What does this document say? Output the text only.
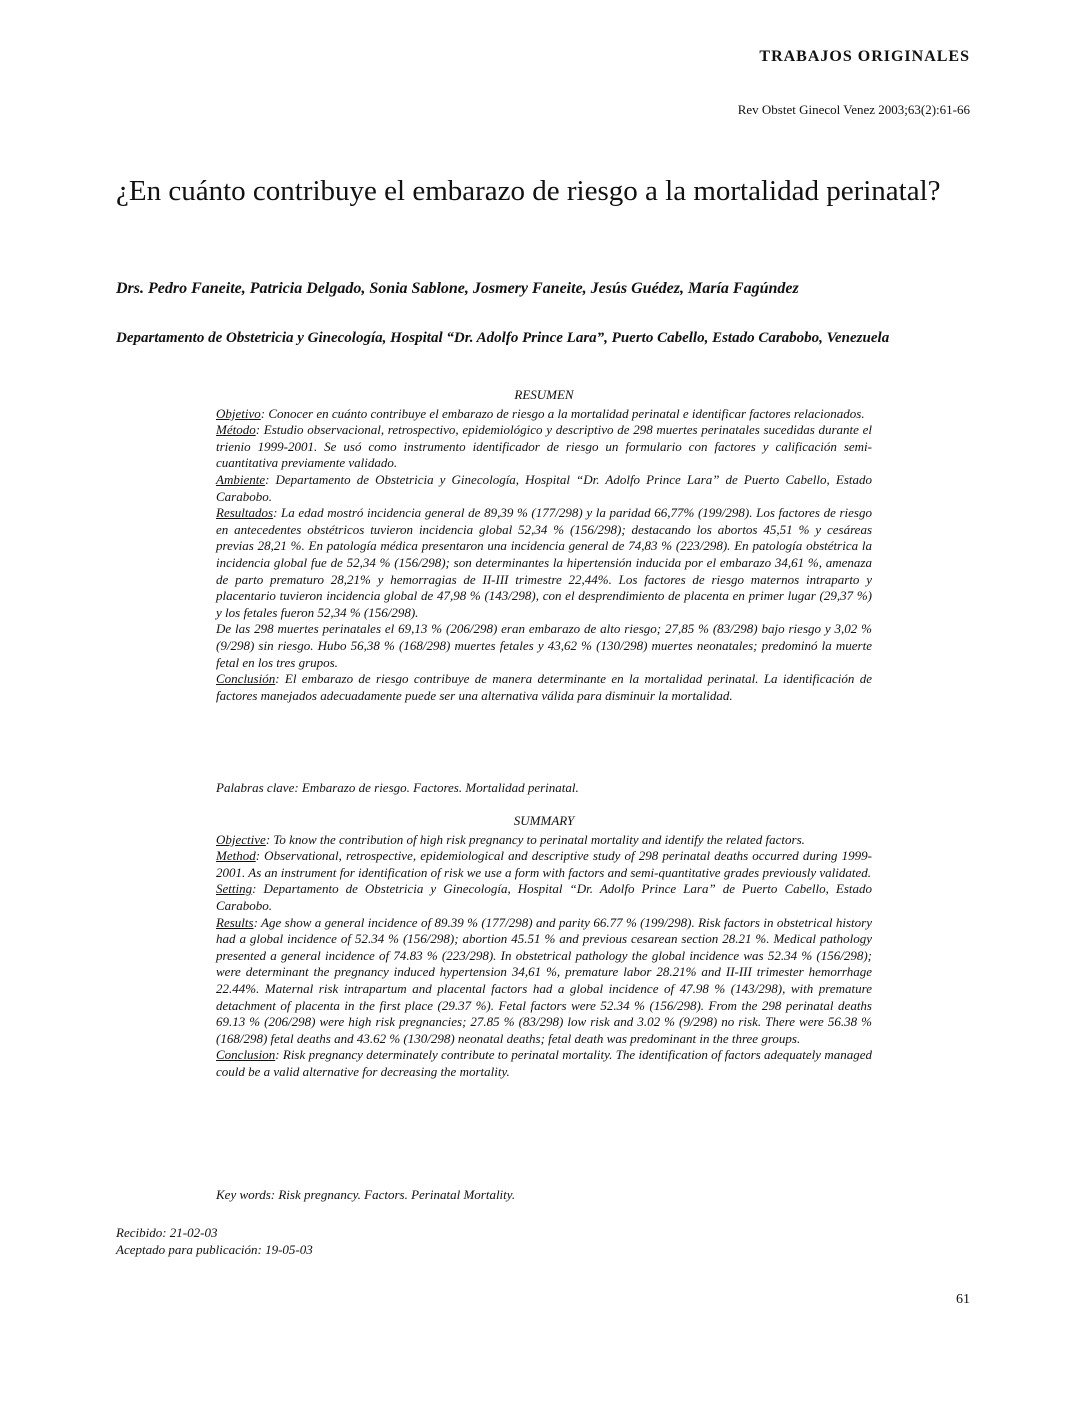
TRABAJOS ORIGINALES
Rev Obstet Ginecol Venez 2003;63(2):61-66
¿En cuánto contribuye el embarazo de riesgo a la mortalidad perinatal?
Drs. Pedro Faneite, Patricia Delgado, Sonia Sablone, Josmery Faneite, Jesús Guédez, María Fagúndez
Departamento de Obstetricia y Ginecología, Hospital “Dr. Adolfo Prince Lara”, Puerto Cabello, Estado Carabobo, Venezuela

RESUMEN

Objetivo: Conocer en cuánto contribuye el embarazo de riesgo a la mortalidad perinatal e identificar factores relacionados.

Método: Estudio observacional, retrospectivo, epidemiológico y descriptivo de 298 muertes perinatales sucedidas durante el trienio 1999-2001. Se usó como instrumento identificador de riesgo un formulario con factores y calificación semi-cuantitativa previamente validado.

Ambiente: Departamento de Obstetricia y Ginecología, Hospital “Dr. Adolfo Prince Lara” de Puerto Cabello, Estado Carabobo.

Resultados: La edad mostró incidencia general de 89,39 % (177/298) y la paridad 66,77% (199/298). Los factores de riesgo en antecedentes obstétricos tuvieron incidencia global 52,34 % (156/298); destacando los abortos 45,51 % y cesáreas previas 28,21 %. En patología médica presentaron una incidencia general de 74,83 % (223/298). En patología obstétrica la incidencia global fue de 52,34 % (156/298); son determinantes la hipertensión inducida por el embarazo 34,61 %, amenaza de parto prematuro 28,21% y hemorragias de II-III trimestre 22,44%. Los factores de riesgo maternos intraparto y placentario tuvieron incidencia global de 47,98 % (143/298), con el desprendimiento de placenta en primer lugar (29,37 %) y los fetales fueron 52,34 % (156/298).

De las 298 muertes perinatales el 69,13 % (206/298) eran embarazo de alto riesgo; 27,85 % (83/298) bajo riesgo y 3,02 % (9/298) sin riesgo. Hubo 56,38 % (168/298) muertes fetales y 43,62 % (130/298) muertes neonatales; predominó la muerte fetal en los tres grupos.

Conclusión: El embarazo de riesgo contribuye de manera determinante en la mortalidad perinatal. La identificación de factores manejados adecuadamente puede ser una alternativa válida para disminuir la mortalidad.

Palabras clave: Embarazo de riesgo. Factores. Mortalidad perinatal.

SUMMARY

Objective: To know the contribution of high risk pregnancy to perinatal mortality and identify the related factors.

Method: Observational, retrospective, epidemiological and descriptive study of 298 perinatal deaths occurred during 1999-2001. As an instrument for identification of risk we use a form with factors and semi-quantitative grades previously validated.

Setting: Departamento de Obstetricia y Ginecología, Hospital “Dr. Adolfo Prince Lara” de Puerto Cabello, Estado Carabobo.

Results: Age show a general incidence of 89.39 % (177/298) and parity 66.77 % (199/298). Risk factors in obstetrical history had a global incidence of 52.34 % (156/298); abortion 45.51 % and previous cesarean section 28.21 %. Medical pathology presented a general incidence of 74.83 % (223/298). In obstetrical pathology the global incidence was 52.34 % (156/298); were determinant the pregnancy induced hypertension 34,61 %, premature labor 28.21% and II-III trimester hemorrhage 22.44%. Maternal risk intrapartum and placental factors had a global incidence of 47.98 % (143/298), with premature detachment of placenta in the first place (29.37 %). Fetal factors were 52.34 % (156/298). From the 298 perinatal deaths 69.13 % (206/298) were high risk pregnancies; 27.85 % (83/298) low risk and 3.02 % (9/298) no risk. There were 56.38 % (168/298) fetal deaths and 43.62 % (130/298) neonatal deaths; fetal death was predominant in the three groups.

Conclusion: Risk pregnancy determinately contribute to perinatal mortality. The identification of factors adequately managed could be a valid alternative for decreasing the mortality.

Key words: Risk pregnancy. Factors. Perinatal Mortality.
Recibido: 21-02-03
Aceptado para publicación: 19-05-03
61
